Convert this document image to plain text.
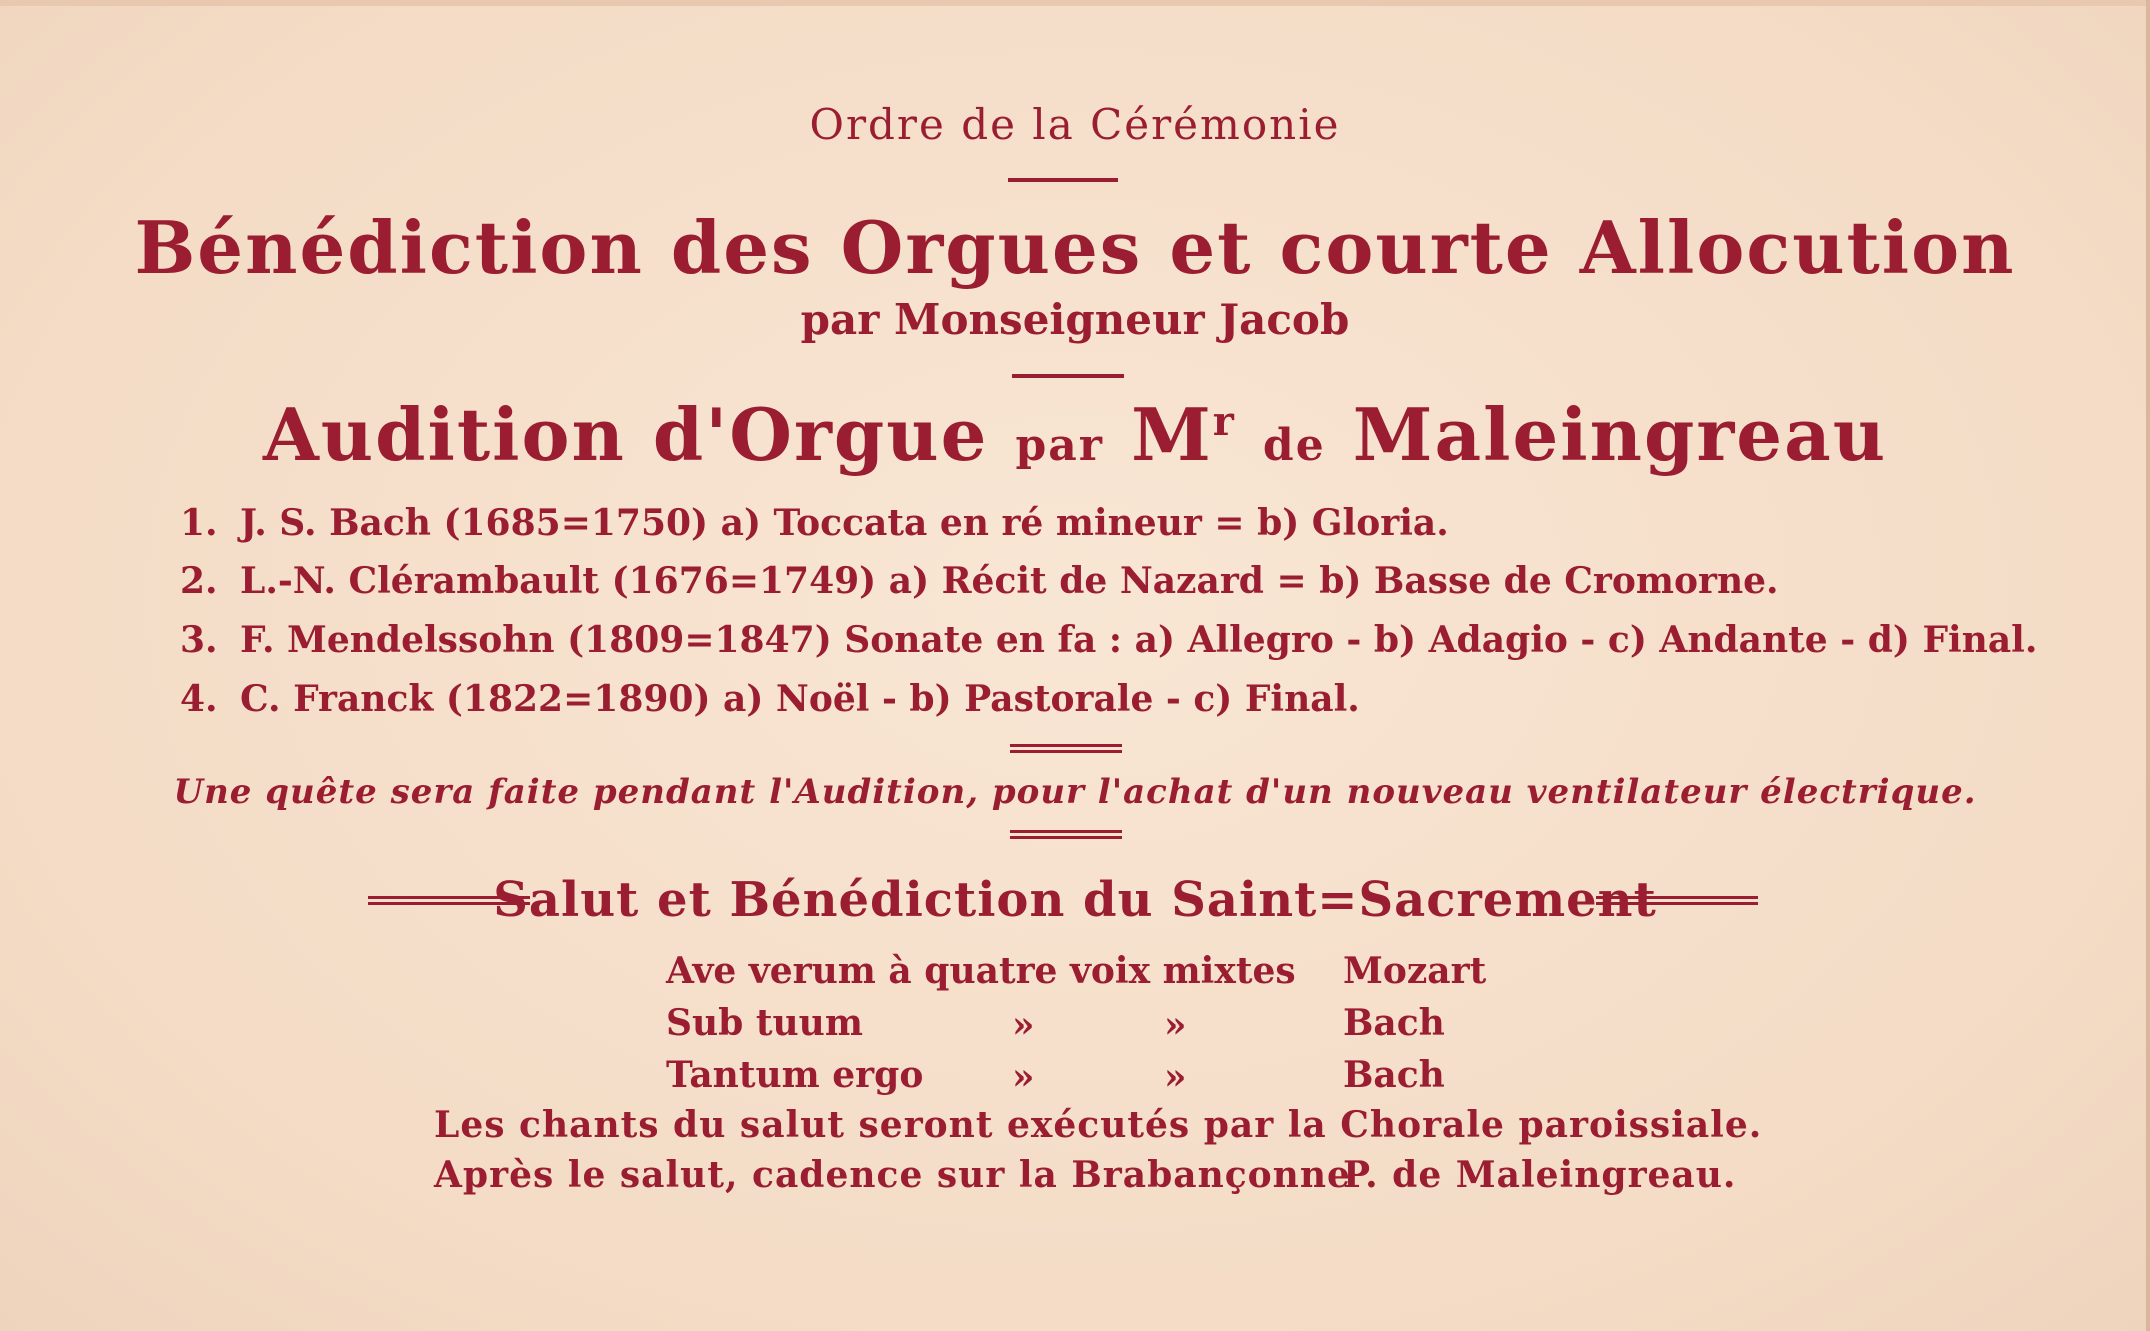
Ordre de la Cérémonie
Bénédiction des Orgues et courte Allocution
par Monseigneur Jacob
Audition d'Orgue par $M^r$ de Maleingreau
1. J. S. Bach (1685=1750) a) Toccata en ré mineur = b) Gloria.
2. L.-N. Clérambault (1676=1749) a) Récit de Nazard = b) Basse de Cromorne.
3. F. Mendelssohn (1809=1847) Sonate en fa : a) Allegro - b) Adagio - c) Andante - d) Final.
4. C. Franck (1822=1890) a) Noël - b) Pastorale - c) Final.
Une quête sera faite pendant l'Audition, pour l'achat d'un nouveau ventilateur électrique.
Salut et Bénédiction du Saint=Sacrement
Ave verum à quatre voix mixtes Mozart
Sub tuum	»	»	Bach
Tantum ergo »	»	Bach
Les chants du salut seront exécutés par la Chorale paroissiale.
Après le salut, cadence sur la Brabançonne
P. de Maleingreau.
